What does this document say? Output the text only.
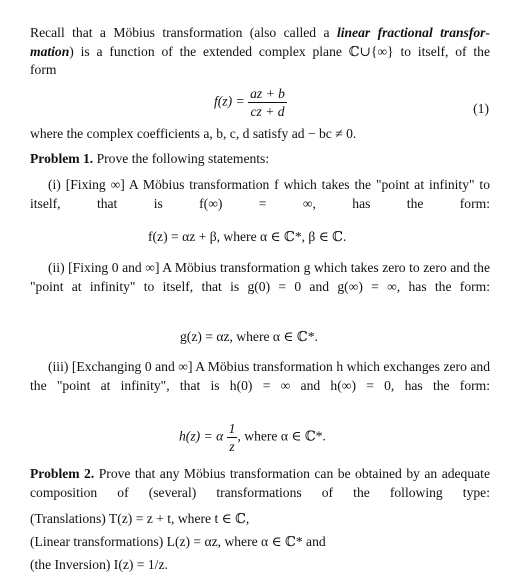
Recall that a Möbius transformation (also called a linear fractional transfor- mation) is a function of the extended complex plane ℂ∪{∞} to itself, of the
form
$f(z) = \frac{az + b}{cz + d}$	(1)
where the complex coefficients a, b, c, d satisfy ad − bc ≠ 0.
Problem 1. Prove the following statements:
(i) [Fixing ∞] A Möbius transformation f which takes the "point at infinity" to itself, that is f(∞) = ∞, has the form:
f(z) = αz + β, where α ∈ ℂ*, β ∈ ℂ.
(ii) [Fixing 0 and ∞] A Möbius transformation g which takes zero to zero and the "point at infinity" to itself, that is g(0) = 0 and g(∞) = ∞, has the form:
g(z) = αz, where α ∈ ℂ*.
(iii) [Exchanging 0 and ∞] A Möbius transformation h which exchanges zero and the "point at infinity", that is h(0) = ∞ and h(∞) = 0, has the form:
h(z) = α $\frac{1}{z}$ , where α ∈ ℂ*.
Problem 2. Prove that any Möbius transformation can be obtained by an adequate composition of (several) transformations of the following type:
(Translations) T(z) = z + t, where t ∈ ℂ,
(Linear transformations) L(z) = αz, where α ∈ ℂ* and
(the Inversion) I(z) = 1/z.
